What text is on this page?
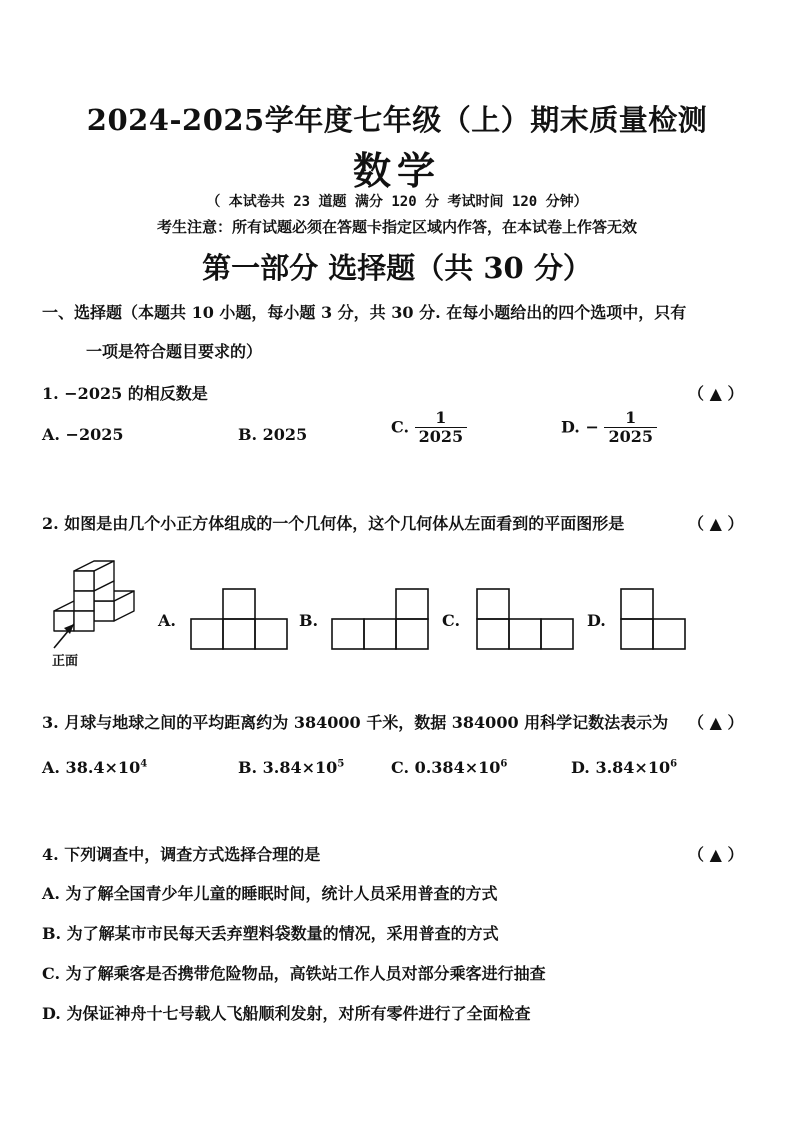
2024-2025学年度七年级（上）期末质量检测
数学
（ 本试卷共 23 道题 满分 120 分 考试时间 120 分钟）
考生注意：所有试题必须在答题卡指定区域内作答，在本试卷上作答无效
第一部分 选择题（共 30 分）
一、选择题（本题共 10 小题，每小题 3 分，共 30 分. 在每小题给出的四个选项中，只有
一项是符合题目要求的）
1. −2025 的相反数是	（ ▲ ）
A. −2025	B. 2025	C. $\frac{1}{2025}$	D. − $\frac{1}{2025}$
2. 如图是由几个小正方体组成的一个几何体，这个几何体从左面看到的平面图形是	（ ▲ ）
正面
A.	B.	C.	D.
3. 月球与地球之间的平均距离约为 384000 千米，数据 384000 用科学记数法表示为 （ ▲ ）
A. $38.4\times 10^4$	B. $3.84\times 10^5$	C. $0.384\times 10^6$	D. $3.84\times 10^6$
4. 下列调查中，调查方式选择合理的是	（ ▲ ）
A. 为了解全国青少年儿童的睡眠时间，统计人员采用普查的方式
B. 为了解某市市民每天丢弃塑料袋数量的情况，采用普查的方式
C. 为了解乘客是否携带危险物品，高铁站工作人员对部分乘客进行抽查
D. 为保证神舟十七号载人飞船顺利发射，对所有零件进行了全面检查
